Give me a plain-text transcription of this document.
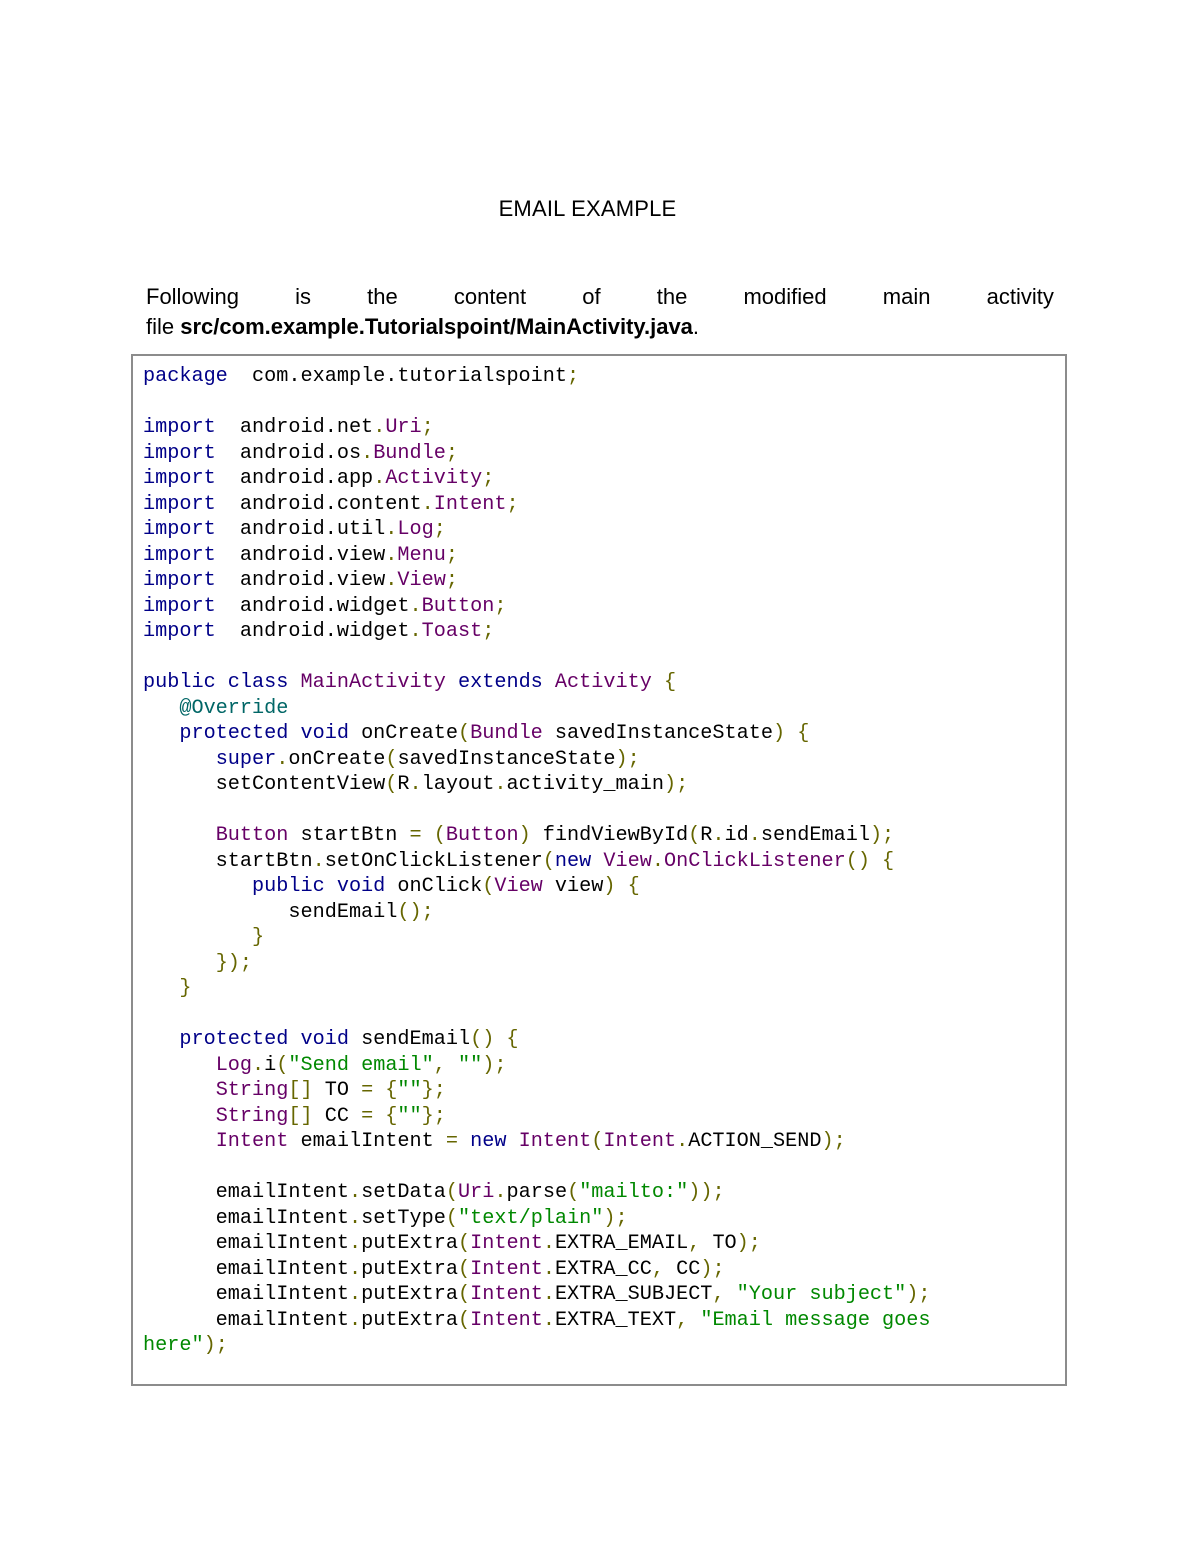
EMAIL EXAMPLE
Following	is	the	content	of	the	modified	main	activity
file src/com.example.Tutorialspoint/MainActivity.java.
package  com.example.tutorialspoint;

import  android.net.Uri;
import  android.os.Bundle;
import  android.app.Activity;
import  android.content.Intent;
import  android.util.Log;
import  android.view.Menu;
import  android.view.View;
import  android.widget.Button;
import  android.widget.Toast;

public class MainActivity extends Activity {
@Override
protected void onCreate(Bundle savedInstanceState) {
super.onCreate(savedInstanceState);
setContentView(R.layout.activity_main);

Button startBtn = (Button) findViewById(R.id.sendEmail);
startBtn.setOnClickListener(new View.OnClickListener() {
public void onClick(View view) {
sendEmail();
}
});
}

protected void sendEmail() {
Log.i("Send email", "");
String[] TO = {""};
String[] CC = {""};
Intent emailIntent = new Intent(Intent.ACTION_SEND);

emailIntent.setData(Uri.parse("mailto:"));
emailIntent.setType("text/plain");
emailIntent.putExtra(Intent.EXTRA_EMAIL, TO);
emailIntent.putExtra(Intent.EXTRA_CC, CC);
emailIntent.putExtra(Intent.EXTRA_SUBJECT, "Your subject");
emailIntent.putExtra(Intent.EXTRA_TEXT, "Email message goes
here");
